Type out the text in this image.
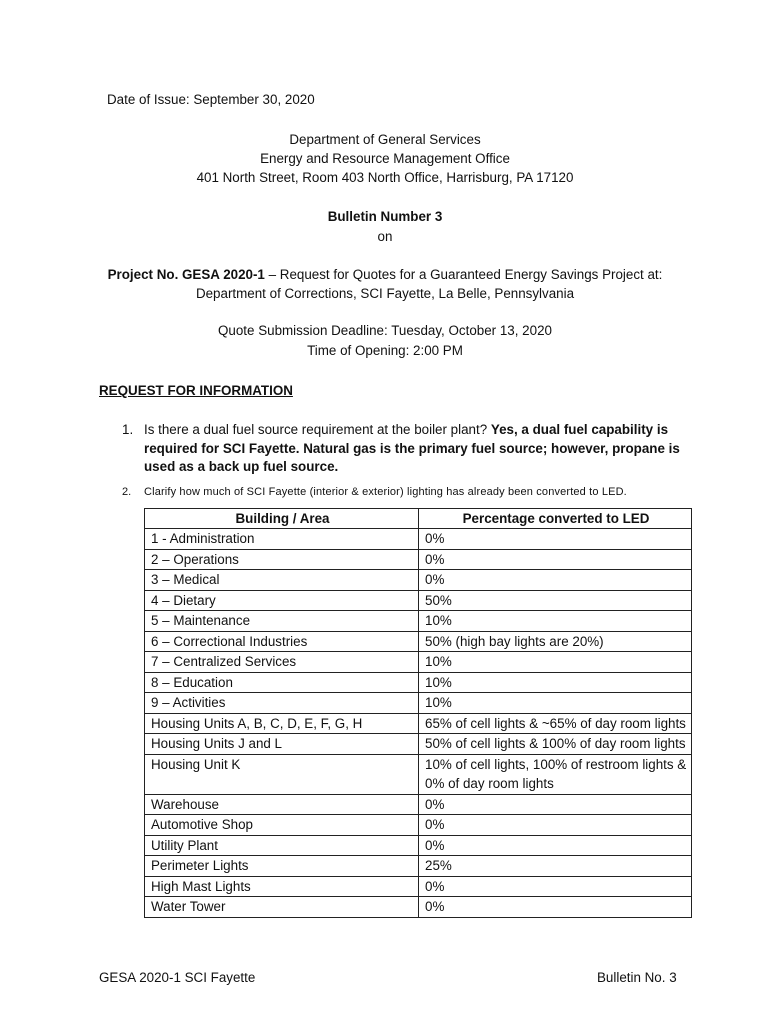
Date of Issue: September 30, 2020
Department of General Services
Energy and Resource Management Office
401 North Street, Room 403 North Office, Harrisburg, PA 17120
Bulletin Number 3
on
Project No. GESA 2020-1 – Request for Quotes for a Guaranteed Energy Savings Project at:
Department of Corrections, SCI Fayette, La Belle, Pennsylvania
Quote Submission Deadline: Tuesday, October 13, 2020
Time of Opening: 2:00 PM
REQUEST FOR INFORMATION
1. Is there a dual fuel source requirement at the boiler plant? Yes, a dual fuel capability is required for SCI Fayette. Natural gas is the primary fuel source; however, propane is used as a back up fuel source.
2. Clarify how much of SCI Fayette (interior & exterior) lighting has already been converted to LED.
Building / Area	Percentage converted to LED
1 - Administration	0%
2 – Operations	0%
3 – Medical	0%
4 – Dietary	50%
5 – Maintenance	10%
6 – Correctional Industries	50% (high bay lights are 20%)
7 – Centralized Services	10%
8 – Education	10%
9 – Activities	10%
Housing Units A, B, C, D, E, F, G, H	65% of cell lights & ~65% of day room lights
Housing Units J and L	50% of cell lights & 100% of day room lights
Housing Unit K	10% of cell lights, 100% of restroom lights & 0% of day room lights
Warehouse	0%
Automotive Shop	0%
Utility Plant	0%
Perimeter Lights	25%
High Mast Lights	0%
Water Tower	0%
GESA 2020-1 SCI Fayette	Bulletin No. 3
